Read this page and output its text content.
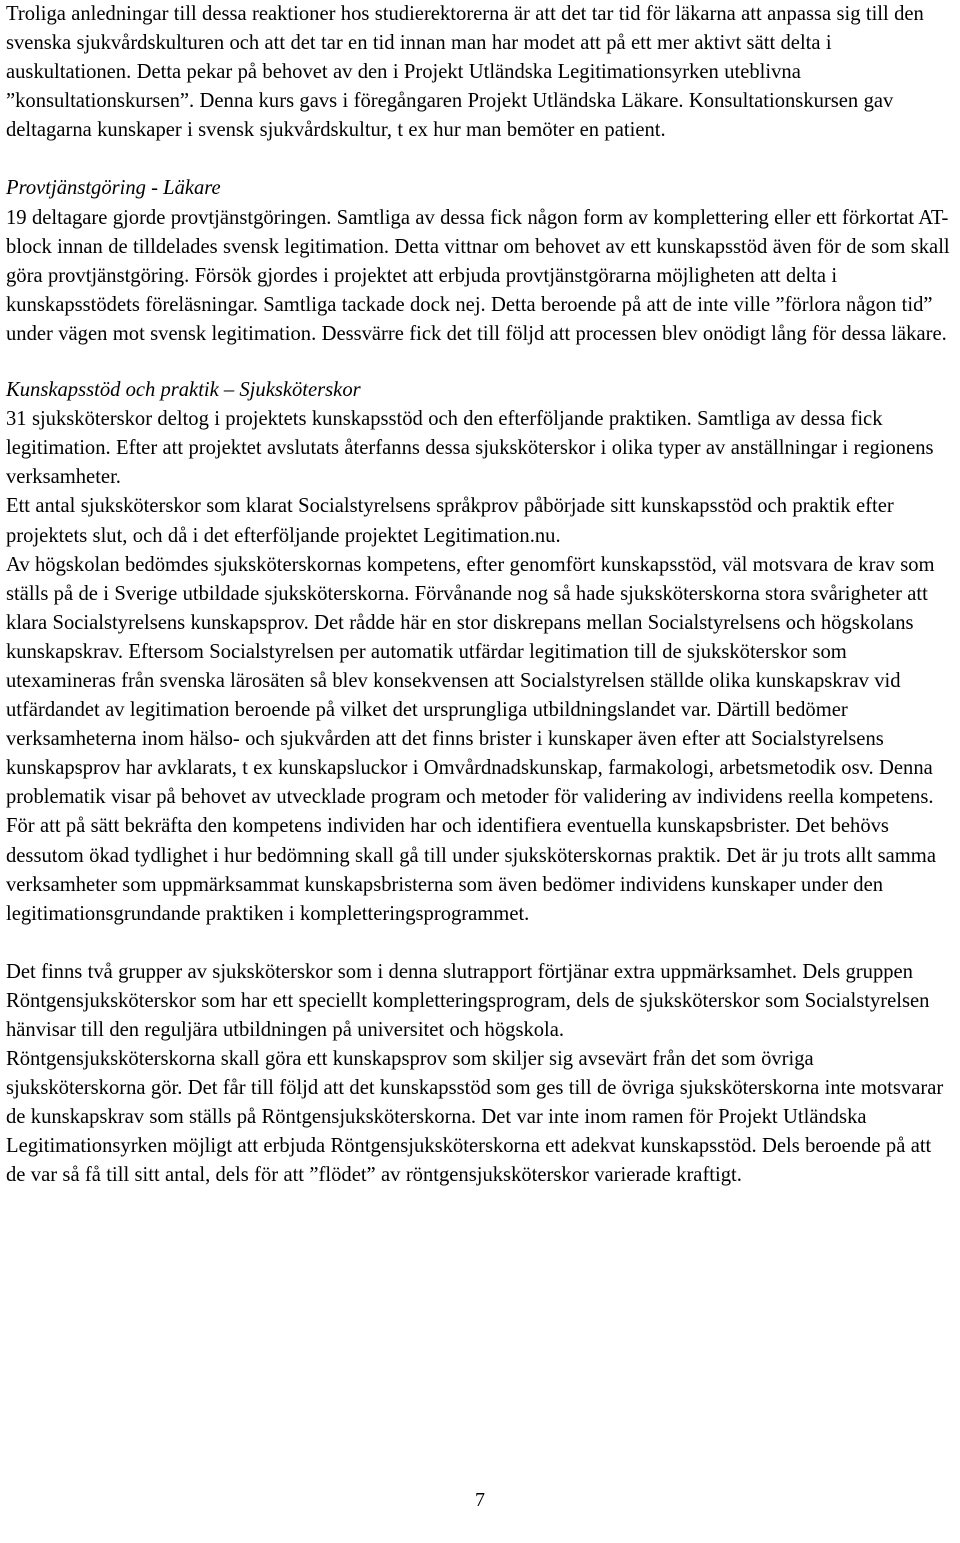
Troliga anledningar till dessa reaktioner hos studierektorerna är att det tar tid för läkarna att anpassa sig till den svenska sjukvårdskulturen och att det tar en tid innan man har modet att på ett mer aktivt sätt delta i auskultationen. Detta pekar på behovet av den i Projekt Utländska Legitimationsyrken uteblivna ”konsultationskursen”. Denna kurs gavs i föregångaren Projekt Utländska Läkare. Konsultationskursen gav deltagarna kunskaper i svensk sjukvårdskultur, t ex hur man bemöter en patient.

Provtjänstgöring - Läkare

19 deltagare gjorde provtjänstgöringen. Samtliga av dessa fick någon form av komplettering eller ett förkortat AT-block innan de tilldelades svensk legitimation. Detta vittnar om behovet av ett kunskapsstöd även för de som skall göra provtjänstgöring. Försök gjordes i projektet att erbjuda provtjänstgörarna möjligheten att delta i kunskapsstödets föreläsningar. Samtliga tackade dock nej. Detta beroende på att de inte ville ”förlora någon tid” under vägen mot svensk legitimation. Dessvärre fick det till följd att processen blev onödigt lång för dessa läkare.

Kunskapsstöd och praktik – Sjuksköterskor

31 sjuksköterskor deltog i projektets kunskapsstöd och den efterföljande praktiken. Samtliga av dessa fick legitimation. Efter att projektet avslutats återfanns dessa sjuksköterskor i olika typer av anställningar i regionens verksamheter.

Ett antal sjuksköterskor som klarat Socialstyrelsens språkprov påbörjade sitt kunskapsstöd och praktik efter projektets slut, och då i det efterföljande projektet Legitimation.nu.

Av högskolan bedömdes sjuksköterskornas kompetens, efter genomfört kunskapsstöd, väl motsvara de krav som ställs på de i Sverige utbildade sjuksköterskorna. Förvånande nog så hade sjuksköterskorna stora svårigheter att klara Socialstyrelsens kunskapsprov. Det rådde här en stor diskrepans mellan Socialstyrelsens och högskolans kunskapskrav. Eftersom Socialstyrelsen per automatik utfärdar legitimation till de sjuksköterskor som utexamineras från svenska lärosäten så blev konsekvensen att Socialstyrelsen ställde olika kunskapskrav vid utfärdandet av legitimation beroende på vilket det ursprungliga utbildningslandet var. Därtill bedömer verksamheterna inom hälso- och sjukvården att det finns brister i kunskaper även efter att Socialstyrelsens kunskapsprov har avklarats, t ex kunskapsluckor i Omvårdnadskunskap, farmakologi, arbetsmetodik osv. Denna problematik visar på behovet av utvecklade program och metoder för validering av individens reella kompetens. För att på sätt bekräfta den kompetens individen har och identifiera eventuella kunskapsbrister. Det behövs dessutom ökad tydlighet i hur bedömning skall gå till under sjuksköterskornas praktik. Det är ju trots allt samma verksamheter som uppmärksammat kunskapsbristerna som även bedömer individens kunskaper under den legitimationsgrundande praktiken i kompletteringsprogrammet.

Det finns två grupper av sjuksköterskor som i denna slutrapport förtjänar extra uppmärksamhet. Dels gruppen Röntgensjuksköterskor som har ett speciellt kompletteringsprogram, dels de sjuksköterskor som Socialstyrelsen hänvisar till den reguljära utbildningen på universitet och högskola.

Röntgensjuksköterskorna skall göra ett kunskapsprov som skiljer sig avsevärt från det som övriga sjuksköterskorna gör. Det får till följd att det kunskapsstöd som ges till de övriga sjuksköterskorna inte motsvarar de kunskapskrav som ställs på Röntgensjuksköterskorna. Det var inte inom ramen för Projekt Utländska Legitimationsyrken möjligt att erbjuda Röntgensjuksköterskorna ett adekvat kunskapsstöd. Dels beroende på att de var så få till sitt antal, dels för att ”flödet” av röntgensjuksköterskor varierade kraftigt.

7
